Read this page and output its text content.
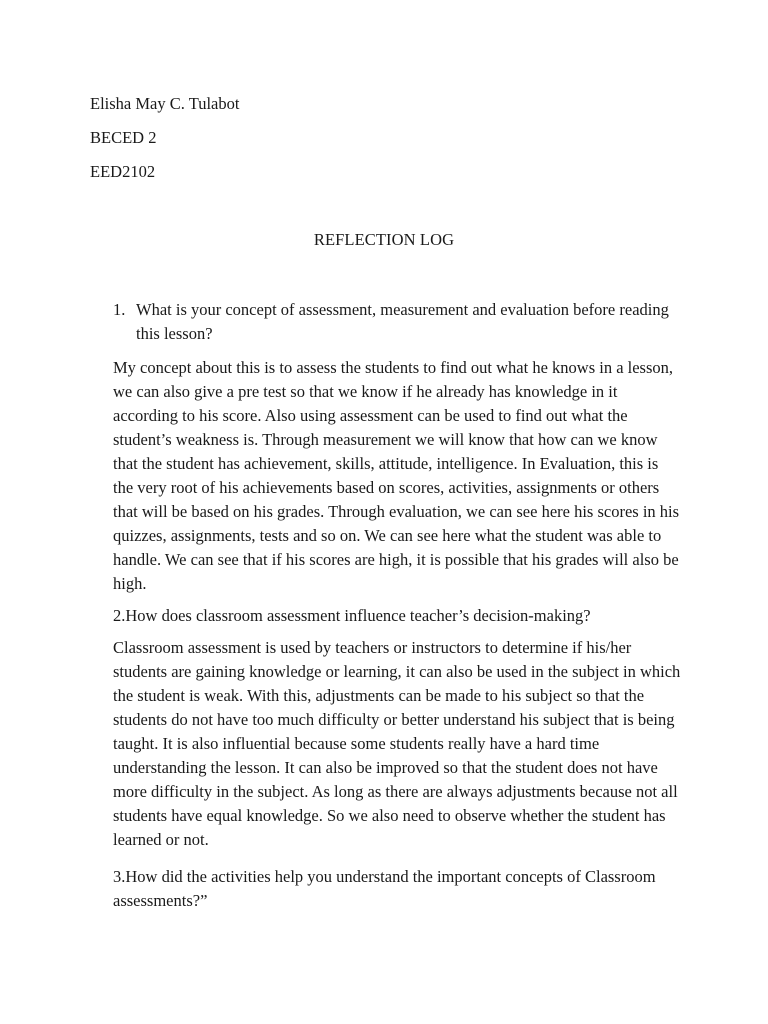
Elisha May C. Tulabot
BECED 2
EED2102
REFLECTION LOG
1. What is your concept of assessment, measurement and evaluation before reading this lesson?

My concept about this is to assess the students to find out what he knows in a lesson, we can also give a pre test so that we know if he already has knowledge in it according to his score. Also using assessment can be used to find out what the student’s weakness is. Through measurement we will know that how can we know that the student has achievement, skills, attitude, intelligence. In Evaluation, this is the very root of his achievements based on scores, activities, assignments or others that will be based on his grades. Through evaluation, we can see here his scores in his quizzes, assignments, tests and so on. We can see here what the student was able to handle. We can see that if his scores are high, it is possible that his grades will also be high.

2.How does classroom assessment influence teacher’s decision-making?

Classroom assessment is used by teachers or instructors to determine if his/her students are gaining knowledge or learning, it can also be used in the subject in which the student is weak. With this, adjustments can be made to his subject so that the students do not have too much difficulty or better understand his subject that is being taught. It is also influential because some students really have a hard time understanding the lesson. It can also be improved so that the student does not have more difficulty in the subject. As long as there are always adjustments because not all students have equal knowledge. So we also need to observe whether the student has learned or not.

3.How did the activities help you understand the important concepts of Classroom assessments?”
